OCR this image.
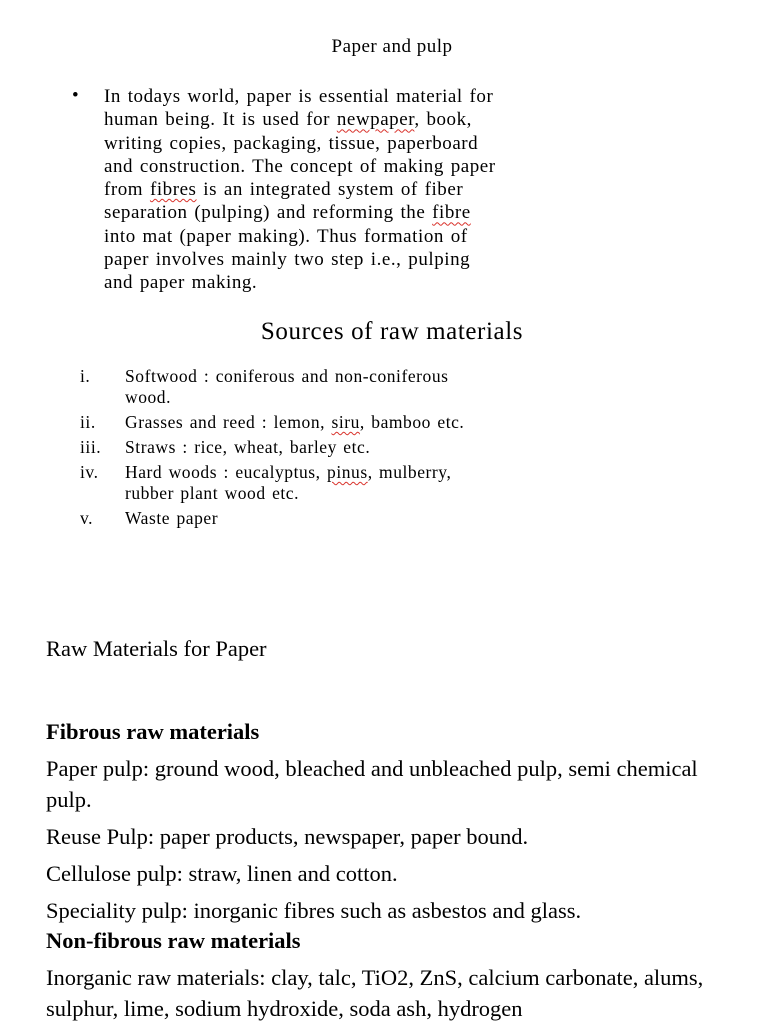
Paper and pulp
•	In todays world, paper is essential material for
human being. It is used for newpaper, book,
writing copies, packaging, tissue, paperboard
and construction. The concept of making paper
from fibres is an integrated system of fiber
separation (pulping) and reforming the fibre
into mat (paper making). Thus formation of
paper involves mainly two step i.e., pulping
and paper making.
Sources of raw materials
i. Softwood : coniferous and non-coniferous
wood.
ii. Grasses and reed : lemon, siru, bamboo etc.
iii. Straws : rice, wheat, barley etc.
iv. Hard woods : eucalyptus, pinus, mulberry,
rubber plant wood etc.
v. Waste paper
Raw Materials for Paper
Fibrous raw materials
Paper pulp: ground wood, bleached and unbleached pulp, semi chemical pulp.
Reuse Pulp: paper products, newspaper, paper bound.
Cellulose pulp: straw, linen and cotton.
Speciality pulp: inorganic fibres such as asbestos and glass.
Non-fibrous raw materials
Inorganic raw materials: clay, talc, TiO2, ZnS, calcium carbonate, alums, sulphur, lime, sodium hydroxide, soda ash, hydrogen
